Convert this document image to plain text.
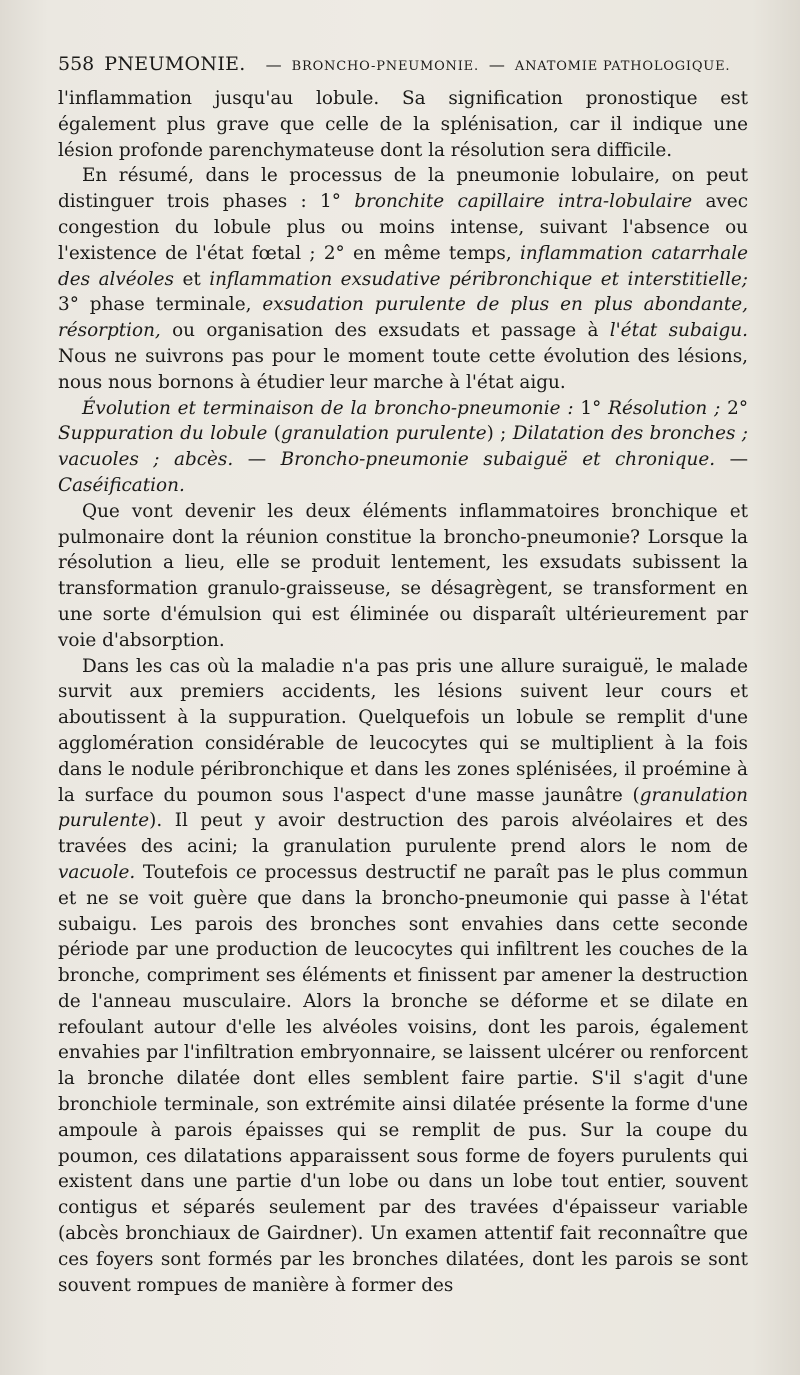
558 PNEUMONIE. — BRONCHO-PNEUMONIE. — ANATOMIE PATHOLOGIQUE.

l'inflammation jusqu'au lobule. Sa signification pronostique est également plus grave que celle de la splénisation, car il indique une lésion profonde parenchymateuse dont la résolution sera difficile.

En résumé, dans le processus de la pneumonie lobulaire, on peut distinguer trois phases : 1° bronchite capillaire intra-lobulaire avec congestion du lobule plus ou moins intense, suivant l'absence ou l'existence de l'état fœtal ; 2° en même temps, inflammation catarrhale des alvéoles et inflammation exsudative péribronchique et interstitielle; 3° phase terminale, exsudation purulente de plus en plus abondante, résorption, ou organisation des exsudats et passage à l'état subaigu. Nous ne suivrons pas pour le moment toute cette évolution des lésions, nous nous bornons à étudier leur marche à l'état aigu.

Évolution et terminaison de la broncho-pneumonie : 1° Résolution ; 2° Suppuration du lobule (granulation purulente) ; Dilatation des bronches ; vacuoles ; abcès. — Broncho-pneumonie subaiguë et chronique. — Caséification.

Que vont devenir les deux éléments inflammatoires bronchique et pulmonaire dont la réunion constitue la broncho-pneumonie? Lorsque la résolution a lieu, elle se produit lentement, les exsudats subissent la transformation granulo-graisseuse, se désagrègent, se transforment en une sorte d'émulsion qui est éliminée ou disparaît ultérieurement par voie d'absorption.

Dans les cas où la maladie n'a pas pris une allure suraiguë, le malade survit aux premiers accidents, les lésions suivent leur cours et aboutissent à la suppuration. Quelquefois un lobule se remplit d'une agglomération considérable de leucocytes qui se multiplient à la fois dans le nodule péribronchique et dans les zones splénisées, il proémine à la surface du poumon sous l'aspect d'une masse jaunâtre (granulation purulente). Il peut y avoir destruction des parois alvéolaires et des travées des acini; la granulation purulente prend alors le nom de vacuole. Toutefois ce processus destructif ne paraît pas le plus commun et ne se voit guère que dans la broncho-pneumonie qui passe à l'état subaigu. Les parois des bronches sont envahies dans cette seconde période par une production de leucocytes qui infiltrent les couches de la bronche, compriment ses éléments et finissent par amener la destruction de l'anneau musculaire. Alors la bronche se déforme et se dilate en refoulant autour d'elle les alvéoles voisins, dont les parois, également envahies par l'infiltration embryonnaire, se laissent ulcérer ou renforcent la bronche dilatée dont elles semblent faire partie. S'il s'agit d'une bronchiole terminale, son extrémite ainsi dilatée présente la forme d'une ampoule à parois épaisses qui se remplit de pus. Sur la coupe du poumon, ces dilatations apparaissent sous forme de foyers purulents qui existent dans une partie d'un lobe ou dans un lobe tout entier, souvent contigus et séparés seulement par des travées d'épaisseur variable (abcès bronchiaux de Gairdner). Un examen attentif fait reconnaître que ces foyers sont formés par les bronches dilatées, dont les parois se sont souvent rompues de manière à former des
